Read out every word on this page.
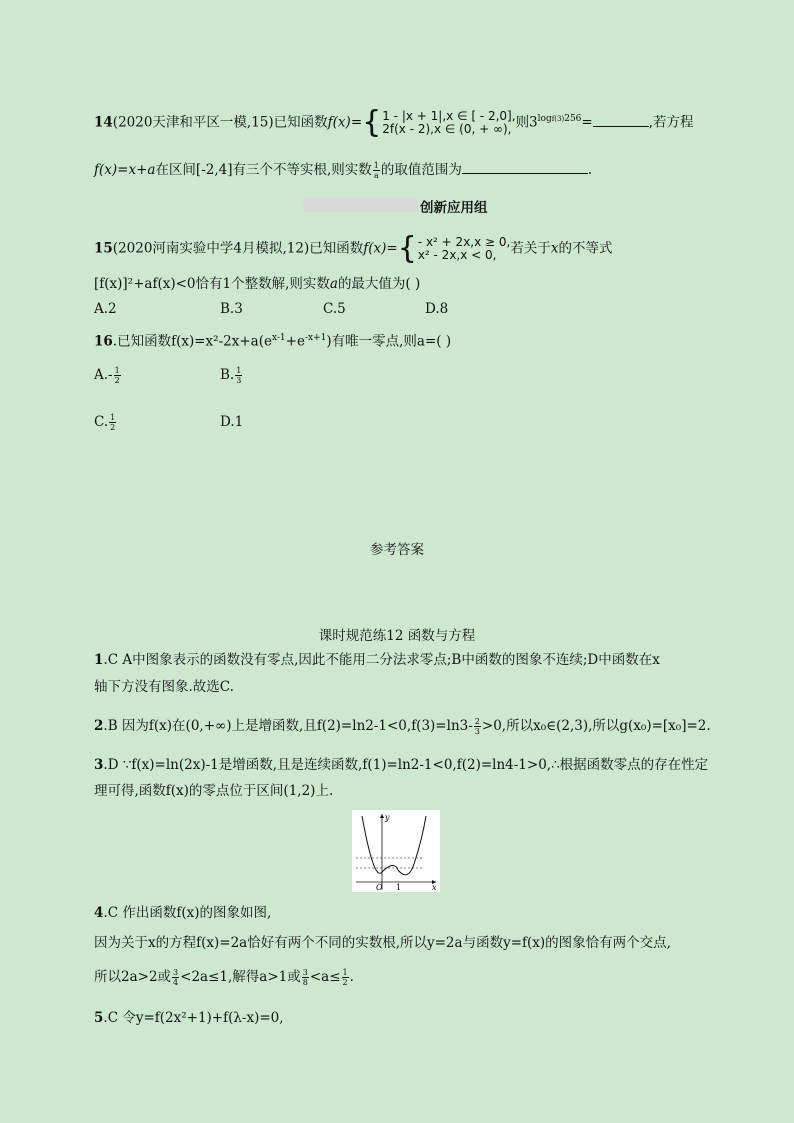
14(2020天津和平区一模,15)已知函数f(x)= { 1 - |x + 1|,x ∈ [ - 2,0],
2f(x - 2),x ∈ (0, + ∞), 则$3^{logf(3)256}=$	,若方程
f(x)=x+a在区间[-2,4]有三个不等实根,则实数 $\frac{1}{a}$ 的取值范围为	.
创新应用组
15(2020河南实验中学4月模拟,12)已知函数f(x)= { - x² + 2x,x ≥ 0,
x² - 2x,x < 0,	若关于x的不等式
[f(x)]²+af(x)<0恰有1个整数解,则实数a的最大值为( )
A.2	B.3	C.5	D.8
16.已知函数$f(x)=x^2-2x+a(e^{x-1}+e^{-x+1})$有唯一零点,则a=( )
$A.- \frac{1}{2}$	B. $\frac{1}{3}$
C. $\frac{1}{2}$	D.1
参考答案
课时规范练12 函数与方程
1.C A中图象表示的函数没有零点,因此不能用二分法求零点;B中函数的图象不连续;D中函数在x
轴下方没有图象.故选C.
2.B 因为f(x)在(0,+∞)上是增函数,且$f(2)=\ln 2-1<0,f(3)=\ln 3- \frac{2}{3} >0$,所以x₀∈(2,3),所以g(x₀)=[x₀]=2.
3.D ∵f(x)=ln(2x)-1是增函数,且是连续函数,f(1)=ln2-1<0,f(2)=ln4-1>0,∴根据函数零点的存在性定
理可得,函数f(x)的零点位于区间(1,2)上.
y
x
O 1
4.C 作出函数f(x)的图象如图,
因为关于x的方程f(x)=2a恰好有两个不同的实数根,所以y=2a与函数y=f(x)的图象恰有两个交点,
所以2a>2或 $\frac{3}{4} <2a\le 1$,解得a>1或 $\frac{3}{8} <a\le \frac{1}{2}$ .
5.C 令y=f(2x²+1)+f(λ-x)=0,
